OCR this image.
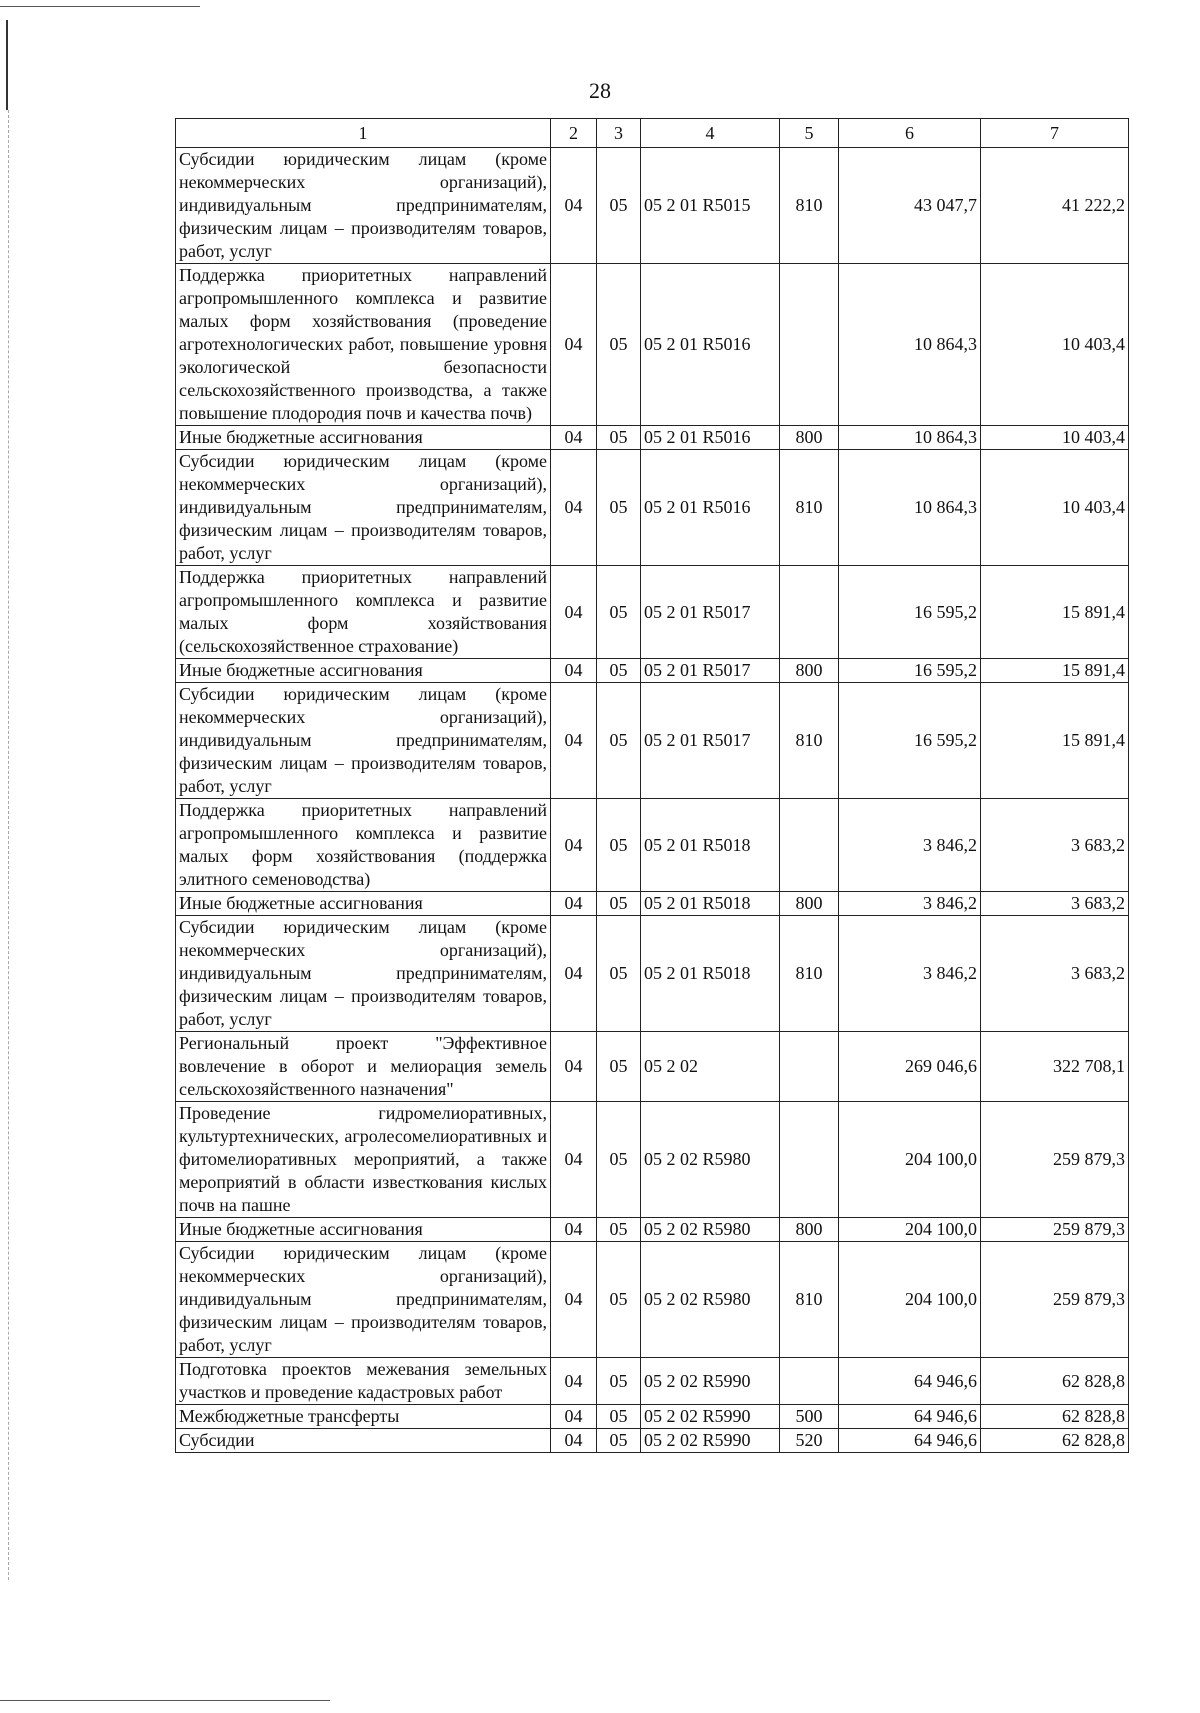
28
1	2	3	4	5	6	7
Субсидии юридическим лицам (кроме некоммерческих организаций), индивидуальным предпринимателям, физическим лицам – производителям товаров, работ, услуг	04	05	05 2 01 R5015	810	43 047,7	41 222,2
Поддержка приоритетных направлений агропромышленного комплекса и развитие малых форм хозяйствования (проведение агротехнологических работ, повышение уровня экологической безопасности сельскохозяйственного производства, а также повышение плодородия почв и качества почв)	04	05	05 2 01 R5016		10 864,3	10 403,4
Иные бюджетные ассигнования	04	05	05 2 01 R5016	800	10 864,3	10 403,4
Субсидии юридическим лицам (кроме некоммерческих организаций), индивидуальным предпринимателям, физическим лицам – производителям товаров, работ, услуг	04	05	05 2 01 R5016	810	10 864,3	10 403,4
Поддержка приоритетных направлений агропромышленного комплекса и развитие малых форм хозяйствования (сельскохозяйственное страхование)	04	05	05 2 01 R5017		16 595,2	15 891,4
Иные бюджетные ассигнования	04	05	05 2 01 R5017	800	16 595,2	15 891,4
Субсидии юридическим лицам (кроме некоммерческих организаций), индивидуальным предпринимателям, физическим лицам – производителям товаров, работ, услуг	04	05	05 2 01 R5017	810	16 595,2	15 891,4
Поддержка приоритетных направлений агропромышленного комплекса и развитие малых форм хозяйствования (поддержка элитного семеноводства)	04	05	05 2 01 R5018		3 846,2	3 683,2
Иные бюджетные ассигнования	04	05	05 2 01 R5018	800	3 846,2	3 683,2
Субсидии юридическим лицам (кроме некоммерческих организаций), индивидуальным предпринимателям, физическим лицам – производителям товаров, работ, услуг	04	05	05 2 01 R5018	810	3 846,2	3 683,2
Региональный проект "Эффективное вовлечение в оборот и мелиорация земель сельскохозяйственного назначения"	04	05	05 2 02		269 046,6	322 708,1
Проведение гидромелиоративных, культуртехнических, агролесомелиоративных и фитомелиоративных мероприятий, а также мероприятий в области известкования кислых почв на пашне	04	05	05 2 02 R5980		204 100,0	259 879,3
Иные бюджетные ассигнования	04	05	05 2 02 R5980	800	204 100,0	259 879,3
Субсидии юридическим лицам (кроме некоммерческих организаций), индивидуальным предпринимателям, физическим лицам – производителям товаров, работ, услуг	04	05	05 2 02 R5980	810	204 100,0	259 879,3
Подготовка проектов межевания земельных участков и проведение кадастровых работ	04	05	05 2 02 R5990		64 946,6	62 828,8
Межбюджетные трансферты	04	05	05 2 02 R5990	500	64 946,6	62 828,8
Субсидии	04	05	05 2 02 R5990	520	64 946,6	62 828,8
